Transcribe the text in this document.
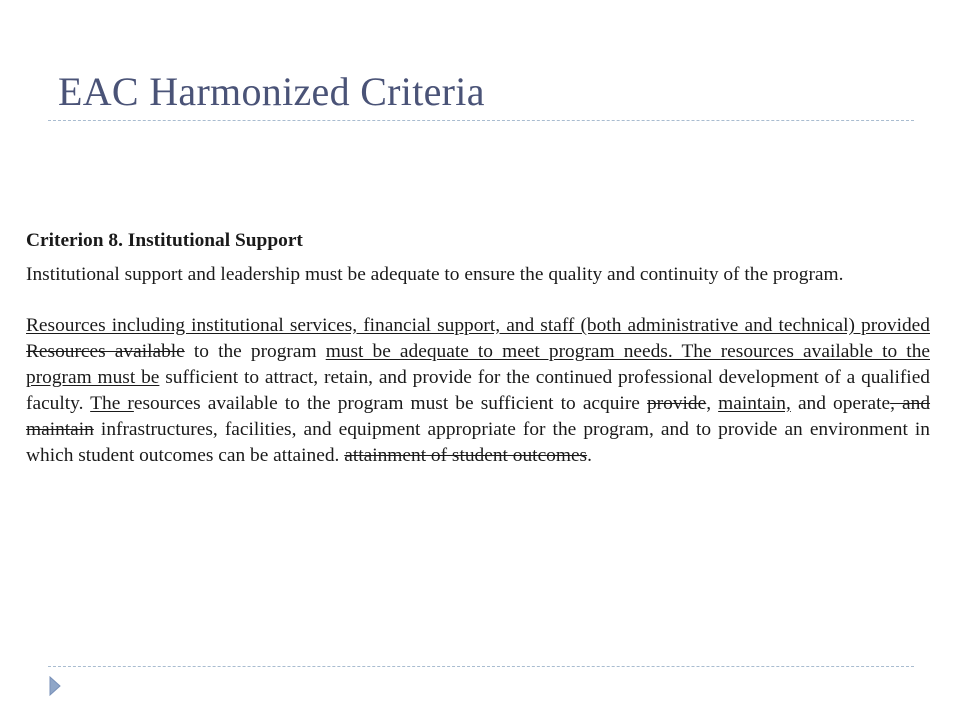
EAC Harmonized Criteria

Criterion 8. Institutional Support

Institutional support and leadership must be adequate to ensure the quality and continuity of the program.

Resources including institutional services, financial support, and staff (both administrative and technical) provided Resources available to the program must be adequate to meet program needs. The resources available to the program must be sufficient to attract, retain, and provide for the continued professional development of a qualified faculty. The resources available to the program must be sufficient to acquire provide, maintain, and operate, and maintain infrastructures, facilities, and equipment appropriate for the program, and to provide an environment in which student outcomes can be attained. attainment of student outcomes.
